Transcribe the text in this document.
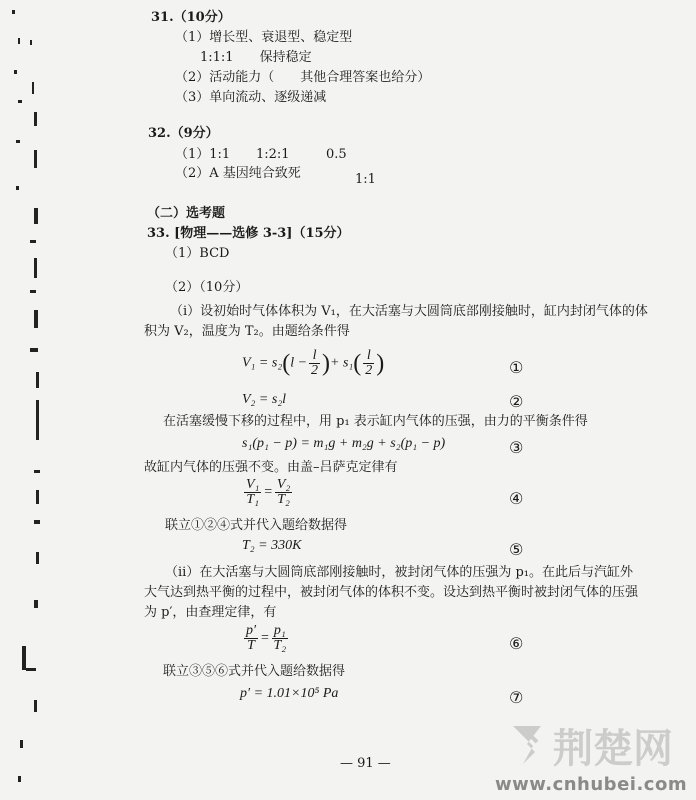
31.（10分）
（1）增长型、衰退型、稳定型
1:1:1　　保持稳定
（2）活动能力（　　其他合理答案也给分）
（3）单向流动、逐级递减
32.（9分）
（1）1:1 1:2:1	0.5
（2）A 基因纯合致死	1:1
（二）选考题
33. [物理——选修 3-3]（15分）
（1）BCD
（2）（10分）
（i）设初始时气体体积为 V₁，在大活塞与大圆筒底部刚接触时，缸内封闭气体的体
积为 V₂，温度为 T₂。由题给条件得
$V_1 = s_2(l - \frac{l}{2}$ )+ $s_1( \frac{l}{2}$ )	①
V₂ = s₂l	②
在活塞缓慢下移的过程中，用 p₁ 表示缸内气体的压强，由力的平衡条件得
s₁(p₁ − p) = m₁g + m₂g + s₂(p₁ − p)	③
故缸内气体的压强不变。由盖–吕萨克定律有
$\frac{\text{V₁}}{\text{T₁}} = \frac{\text{V₂}}{\text{T₂}}$	④
联立①②④式并代入题给数据得
T₂ = 330K	⑤
（ii）在大活塞与大圆筒底部刚接触时，被封闭气体的压强为 p₁。在此后与汽缸外
大气达到热平衡的过程中，被封闭气体的体积不变。设达到热平衡时被封闭气体的压强
为 p′，由查理定律，有
$\frac{p'}{T} = \frac{\text{p₁}}{\text{T₂}}$	⑥
联立③⑤⑥式并代入题给数据得
p′ = 1.01×10⁵ Pa	⑦
— 91 —	荆楚网
www.cnhubei.com
